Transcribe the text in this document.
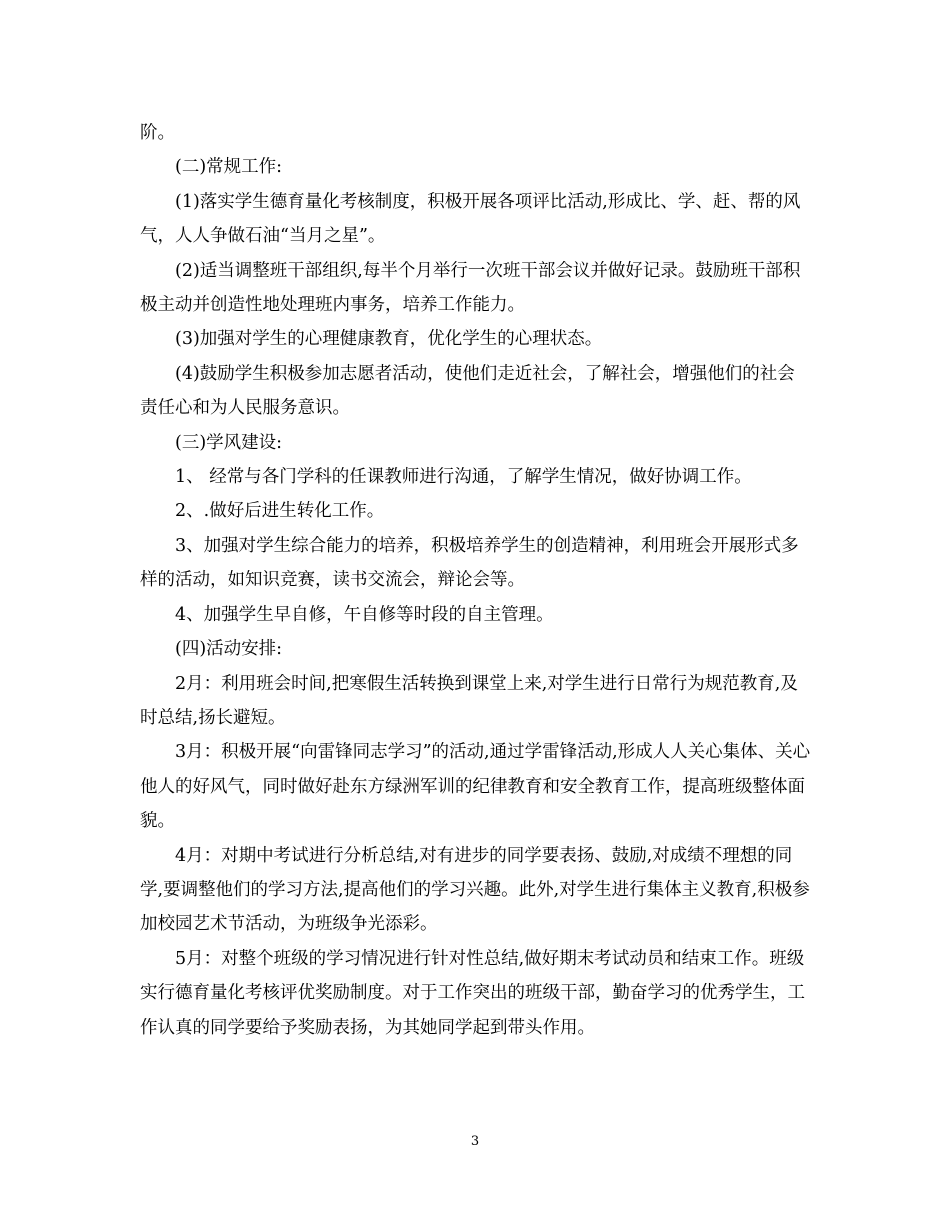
阶。

(二)常规工作:

(1)落实学生德育量化考核制度，积极开展各项评比活动,形成比、学、赶、帮的风气，人人争做石油“当月之星”。

(2)适当调整班干部组织,每半个月举行一次班干部会议并做好记录。鼓励班干部积极主动并创造性地处理班内事务，培养工作能力。

(3)加强对学生的心理健康教育，优化学生的心理状态。

(4)鼓励学生积极参加志愿者活动，使他们走近社会，了解社会，增强他们的社会责任心和为人民服务意识。

(三)学风建设:

1、 经常与各门学科的任课教师进行沟通，了解学生情况，做好协调工作。

2、.做好后进生转化工作。

3、加强对学生综合能力的培养，积极培养学生的创造精神，利用班会开展形式多样的活动，如知识竞赛，读书交流会，辩论会等。

4、加强学生早自修，午自修等时段的自主管理。

(四)活动安排:

2月：利用班会时间,把寒假生活转换到课堂上来,对学生进行日常行为规范教育,及时总结,扬长避短。

3月：积极开展“向雷锋同志学习”的活动,通过学雷锋活动,形成人人关心集体、关心他人的好风气，同时做好赴东方绿洲军训的纪律教育和安全教育工作，提高班级整体面貌。

4月：对期中考试进行分析总结,对有进步的同学要表扬、鼓励,对成绩不理想的同学,要调整他们的学习方法,提高他们的学习兴趣。此外,对学生进行集体主义教育,积极参加校园艺术节活动，为班级争光添彩。

5月：对整个班级的学习情况进行针对性总结,做好期末考试动员和结束工作。班级实行德育量化考核评优奖励制度。对于工作突出的班级干部，勤奋学习的优秀学生，工作认真的同学要给予奖励表扬，为其她同学起到带头作用。

3
